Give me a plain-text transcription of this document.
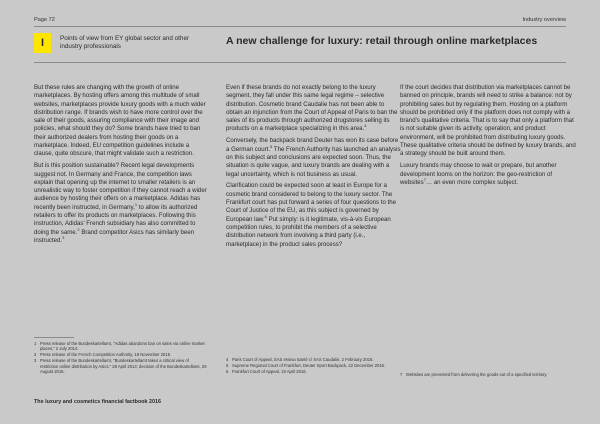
Page 72	Industry overview
I	Points of view from EY global sector and other industry professionals	A new challenge for luxury: retail through online marketplaces

But these rules are changing with the growth of online marketplaces. By hosting offers among this multitude of small websites, marketplaces provide luxury goods with a much wider distribution range. If brands wish to have more control over the sale of their goods, assuring compliance with their image and policies, what should they do? Some brands have tried to ban their authorized dealers from hosting their goods on a marketplace. Indeed, EU competition guidelines include a clause, quite obscure, that might validate such a restriction.

But is this position sustainable? Recent legal developments suggest not. In Germany and France, the competition laws explain that opening up the internet to smaller retailers is an unrealistic way to foster competition if they cannot reach a wider audience by hosting their offers on a marketplace. Adidas has recently been instructed, in Germany,$^1$ to allow its authorized retailers to offer its products on marketplaces. Following this instruction, Adidas' French subsidiary has also committed to doing the same.$^2$ Brand competitor Asics has similarly been instructed.$^3$

Even if these brands do not exactly belong to the luxury segment, they fall under this same legal regime – selective distribution. Cosmetic brand Caudalie has not been able to obtain an injunction from the Court of Appeal of Paris to ban the sales of its products through authorized drugstores selling its products on a marketplace specializing in this area.$^4$

Conversely, the backpack brand Deuter has won its case before a German court.$^5$ The French Authority has launched an analysis on this subject and conclusions are expected soon. Thus, the situation is quite vague, and luxury brands are dealing with a legal uncertainty, which is not business as usual.

Clarification could be expected soon at least in Europe for a cosmetic brand considered to belong to the luxury sector. The Frankfurt court has put forward a series of four questions to the Court of Justice of the EU, as this subject is governed by European law.$^6$ Put simply: is it legitimate, vis-à-vis European competition rules, to prohibit the members of a selective distribution network from involving a third party (i.e., marketplace) in the product sales process?

If the court decides that distribution via marketplaces cannot be banned on principle, brands will need to strike a balance: not by prohibiting sales but by regulating them. Hosting on a platform should be prohibited only if the platform does not comply with a brand's qualitative criteria. That is to say that only a platform that is not suitable given its activity, operation, and product environment, will be prohibited from distributing luxury goods. These qualitative criteria should be defined by luxury brands, and a strategy should be built around them.

Luxury brands may choose to wait or prepare, but another development looms on the horizon: the geo-restriction of websites$^7$… an even more complex subject.

1 Press release of the Bundeskartellamt, "Adidas abandons ban on sales via online market places," 2 July 2014.
2 Press release of the French Competition Authority, 18 November 2015.
3 Press release of the Bundeskartellamt, "Bundeskartellamt takes a critical view of restriction online distribution by Asics," 28 April 2014; decision of the Bundeskartellamt, 26 August 2015.
4 Paris Court of Appeal, SAS eNova Santé c/ SAS Caudalie, 2 February 2016.
5 Supreme Regional Court of Frankfurt, Deuter Sport Backpack, 22 December 2015.
6 Frankfurt Court of Appeal, 19 April 2016.
7 Websites are prevented from delivering the goods out of a specified territory.
The luxury and cosmetics financial factbook 2016
